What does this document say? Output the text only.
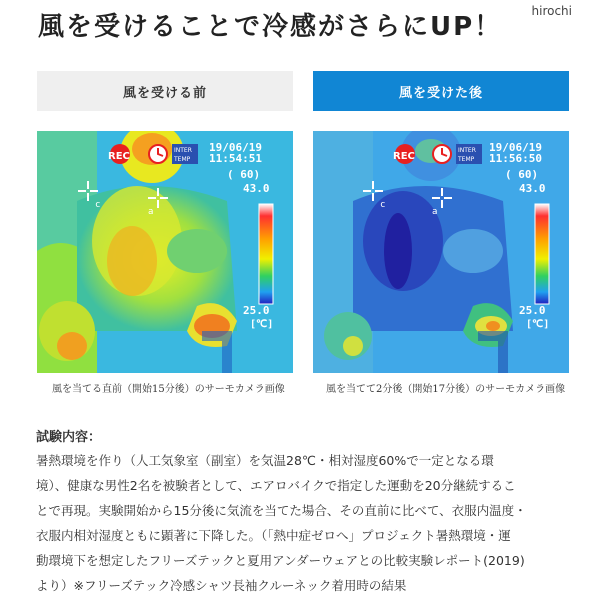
風を受けることで冷感がさらにUP！
hirochi
風を受ける前	風を受けた後
c
a
REC
INTER
TEMP
19/06/19
11:54:51
( 60)
43.0
25.0
[℃]
c
a
REC
INTER
TEMP
19/06/19
11:56:50
( 60)
43.0
25.0
[℃]
風を当てる直前（開始15分後）のサーモカメラ画像	風を当てて2分後（開始17分後）のサーモカメラ画像
試験内容：
暑熱環境を作り（人工気象室（副室）を気温28℃・相対湿度60%で一定となる環
境）、健康な男性2名を被験者として、エアロバイクで指定した運動を20分継続するこ
とで再現。実験開始から15分後に気流を当てた場合、その直前に比べて、衣服内温度・
衣服内相対湿度ともに顕著に下降した。（「熱中症ゼロへ」プロジェクト暑熱環境・運
動環境下を想定したフリーズテックと夏用アンダーウェアとの比較実験レポート(2019)
より）※フリーズテック冷感シャツ長袖クルーネック着用時の結果
